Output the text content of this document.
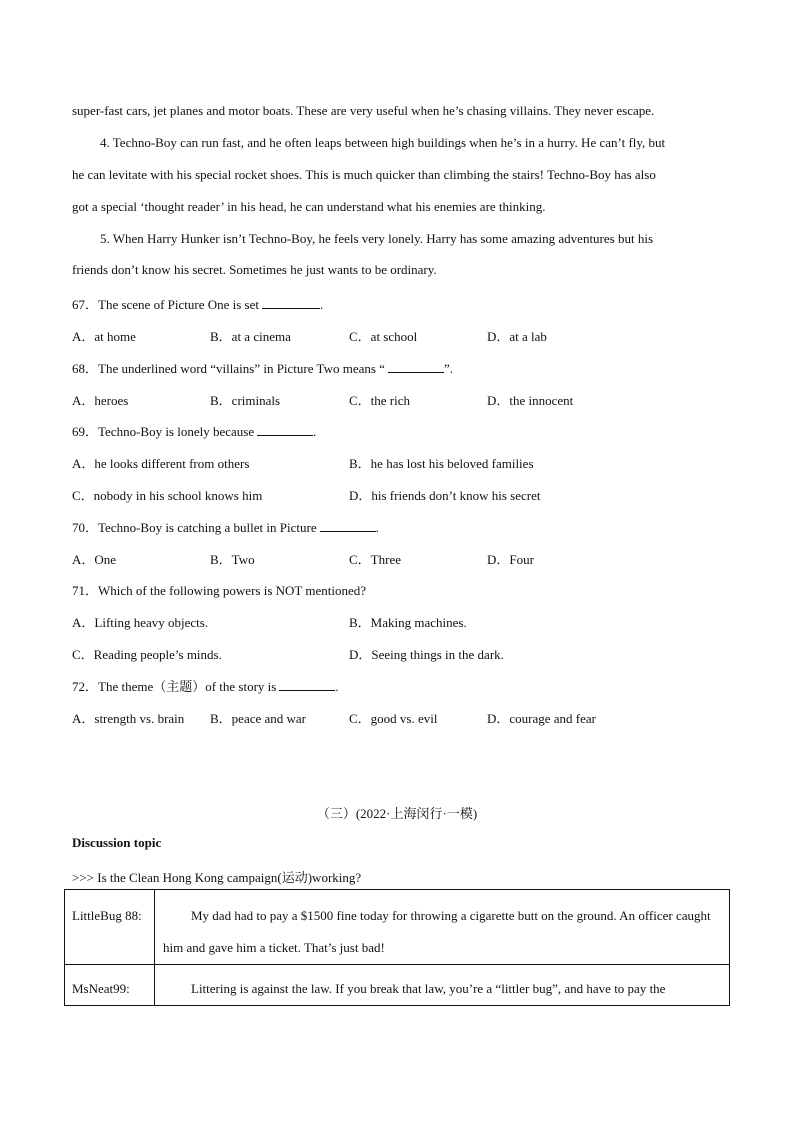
super-fast cars, jet planes and motor boats. These are very useful when he’s chasing villains. They never escape.
4. Techno-Boy can run fast, and he often leaps between high buildings when he’s in a hurry. He can’t fly, but
he can levitate with his special rocket shoes. This is much quicker than climbing the stairs! Techno-Boy has also
got a special ‘thought reader’ in his head, he can understand what his enemies are thinking.
5. When Harry Hunker isn’t Techno-Boy, he feels very lonely. Harry has some amazing adventures but his
friends don’t know his secret. Sometimes he just wants to be ordinary.
67．The scene of Picture One is set	.
A．at home	B．at a cinema	C．at school	D．at a lab
68．The underlined word “villains” in Picture Two means “	”.
A．heroes	B．criminals	C．the rich	D．the innocent
69．Techno-Boy is lonely because	.
A．he looks different from others	B．he has lost his beloved families
C．nobody in his school knows him	D．his friends don’t know his secret
70．Techno-Boy is catching a bullet in Picture	.
A．One	B．Two	C．Three	D．Four
71．Which of the following powers is NOT mentioned?
A．Lifting heavy objects.	B．Making machines.
C．Reading people’s minds.	D．Seeing things in the dark.
72．The theme（主题）of the story is	.
A．strength vs. brain B．peace and war	C．good vs. evil	D．courage and fear
（三）(2022·上海闵行·一模)
Discussion topic
>>> Is the Clean Hong Kong campaign(运动)working?
LittleBug 88:	My dad had to pay a $1500 fine today for throwing a cigarette butt on the ground. An officer caught him and gave him a ticket. That’s just bad!

MsNeat99:	Littering is against the law. If you break that law, you’re a “littler bug”, and have to pay the
